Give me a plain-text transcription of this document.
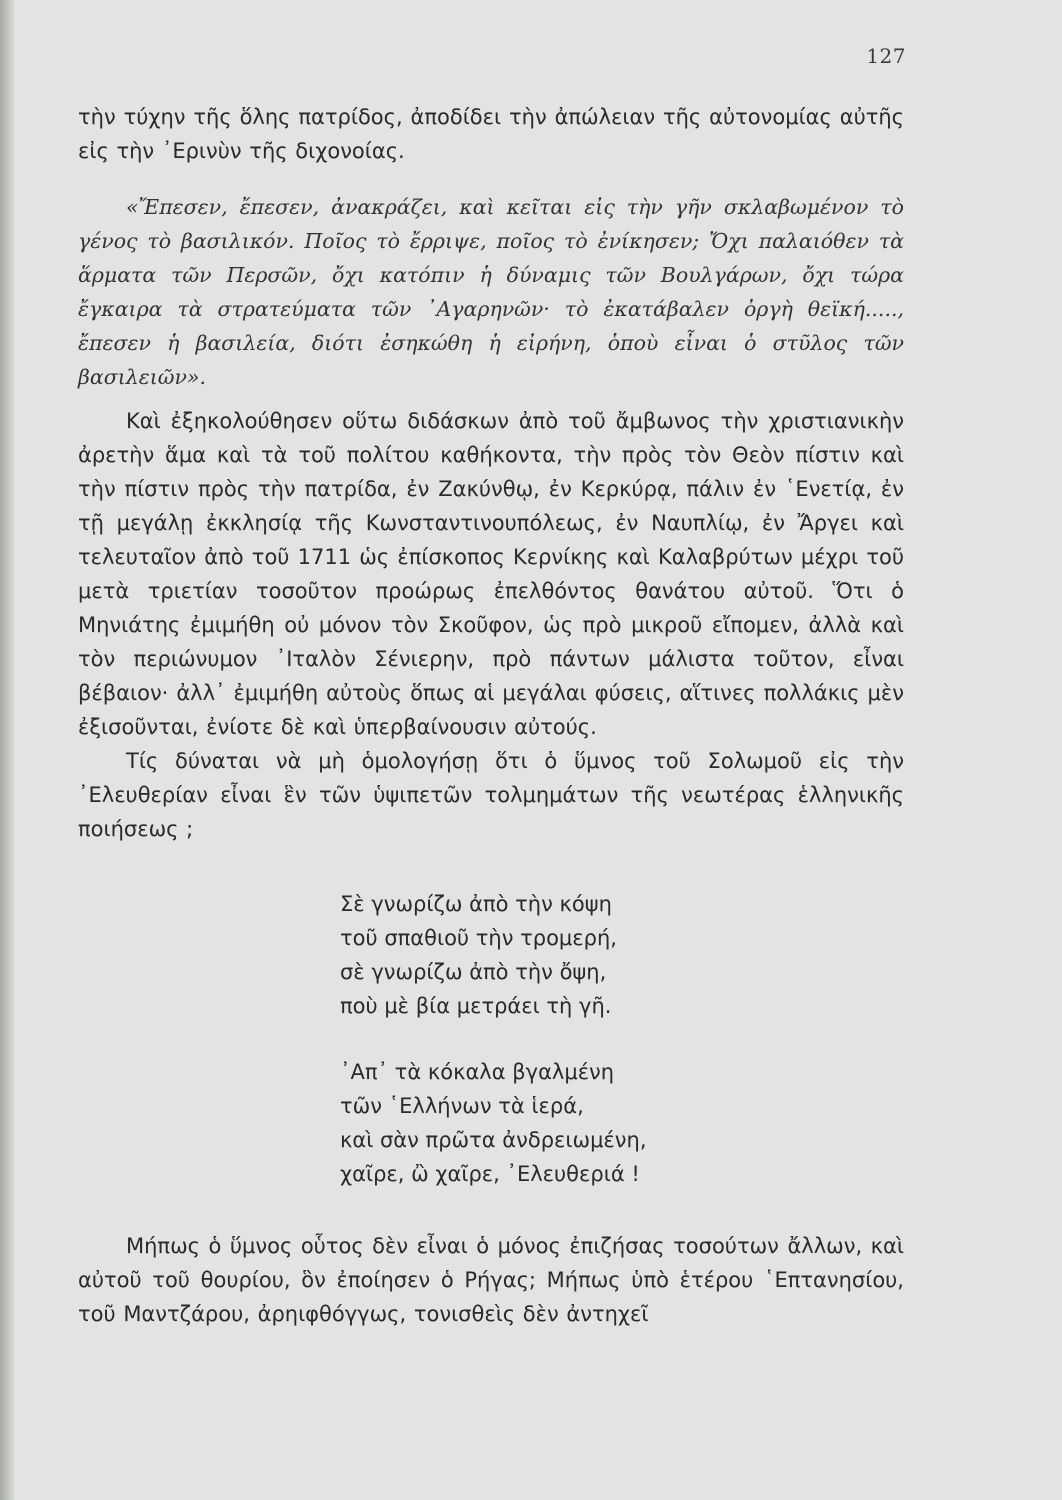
127

τὴν τύχην τῆς ὅλης πατρίδος, ἀποδίδει τὴν ἀπώλειαν τῆς αὐτονομίας αὐτῆς εἰς τὴν ᾿Ερινὺν τῆς διχονοίας.

«Ἔπεσεν, ἔπεσεν, ἀνακράζει, καὶ κεῖται εἰς τὴν γῆν σκλαβωμένον τὸ γένος τὸ βασιλικόν. Ποῖος τὸ ἔρριψε, ποῖος τὸ ἐνίκησεν; Ὄχι παλαιόθεν τὰ ἅρματα τῶν Περσῶν, ὄχι κατόπιν ἡ δύναμις τῶν Βουλγάρων, ὄχι τώρα ἔγκαιρα τὰ στρατεύματα τῶν ᾿Αγαρηνῶν· τὸ ἐκατάβαλεν ὀργὴ θεϊκή....., ἔπεσεν ἡ βασιλεία, διότι ἐσηκώθη ἡ εἰρήνη, ὁποὺ εἶναι ὁ στῦλος τῶν βασιλειῶν».

Καὶ ἐξηκολούθησεν οὕτω διδάσκων ἀπὸ τοῦ ἄμβωνος τὴν χριστιανικὴν ἀρετὴν ἅμα καὶ τὰ τοῦ πολίτου καθήκοντα, τὴν πρὸς τὸν Θεὸν πίστιν καὶ τὴν πίστιν πρὸς τὴν πατρίδα, ἐν Ζακύνθῳ, ἐν Κερκύρᾳ, πάλιν ἐν ῾Ενετίᾳ, ἐν τῇ μεγάλῃ ἐκκλησίᾳ τῆς Κωνσταντινουπόλεως, ἐν Ναυπλίῳ, ἐν Ἄργει καὶ τελευταῖον ἀπὸ τοῦ 1711 ὡς ἐπίσκοπος Κερνίκης καὶ Καλαβρύτων μέχρι τοῦ μετὰ τριετίαν τοσοῦτον προώρως ἐπελθόντος θανάτου αὐτοῦ. Ὅτι ὁ Μηνιάτης ἐμιμήθη οὐ μόνον τὸν Σκοῦφον, ὡς πρὸ μικροῦ εἴπομεν, ἀλλὰ καὶ τὸν περιώνυμον ᾿Ιταλὸν Σένιερην, πρὸ πάντων μάλιστα τοῦτον, εἶναι βέβαιον· ἀλλ᾿ ἐμιμήθη αὐτοὺς ὅπως αἱ μεγάλαι φύσεις, αἵτινες πολλάκις μὲν ἐξισοῦνται, ἐνίοτε δὲ καὶ ὑπερβαίνουσιν αὐτούς.

Τίς δύναται νὰ μὴ ὁμολογήσῃ ὅτι ὁ ὕμνος τοῦ Σολωμοῦ εἰς τὴν ᾿Ελευθερίαν εἶναι ἓν τῶν ὑψιπετῶν τολμημάτων τῆς νεωτέρας ἑλληνικῆς ποιήσεως ;

Σὲ γνωρίζω ἀπὸ τὴν κόψη
τοῦ σπαθιοῦ τὴν τρομερή,
σὲ γνωρίζω ἀπὸ τὴν ὄψη,
ποὺ μὲ βία μετράει τὴ γῆ.
᾿Απ᾿ τὰ κόκαλα βγαλμένη
τῶν ῾Ελλήνων τὰ ἱερά,
καὶ σὰν πρῶτα ἀνδρειωμένη,
χαῖρε, ὢ χαῖρε, ᾿Ελευθεριά !

Μήπως ὁ ὕμνος οὗτος δὲν εἶναι ὁ μόνος ἐπιζήσας τοσούτων ἄλλων, καὶ αὐτοῦ τοῦ θουρίου, ὃν ἐποίησεν ὁ Ρήγας; Μήπως ὑπὸ ἑτέρου ῾Επτανησίου, τοῦ Μαντζάρου, ἀρηιφθόγγως, τονισθεὶς δὲν ἀντηχεῖ
